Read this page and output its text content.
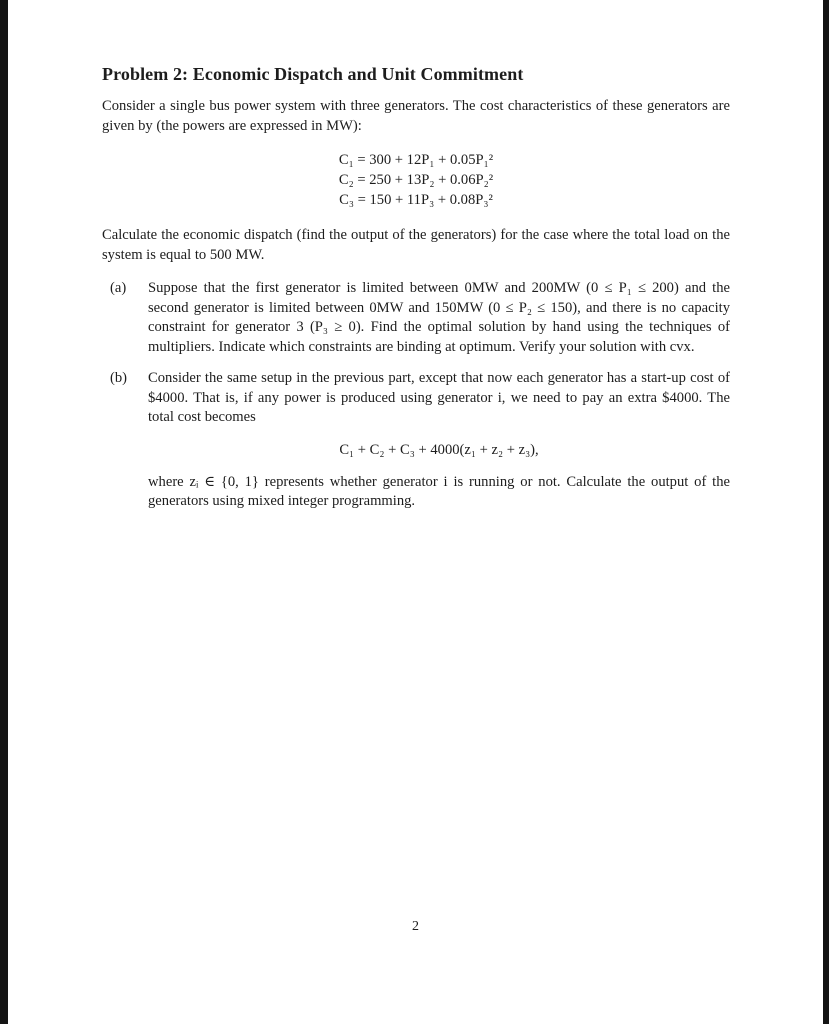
Problem 2: Economic Dispatch and Unit Commitment

Consider a single bus power system with three generators. The cost characteristics of these generators are given by (the powers are expressed in MW):

C₁ = 300 + 12P₁ + 0.05P₁²
C₂ = 250 + 13P₂ + 0.06P₂²
C₃ = 150 + 11P₃ + 0.08P₃²

Calculate the economic dispatch (find the output of the generators) for the case where the total load on the system is equal to 500 MW.

(a)	Suppose that the first generator is limited between 0MW and 200MW (0 ≤ P₁ ≤ 200) and the second generator is limited between 0MW and 150MW (0 ≤ P₂ ≤ 150), and there is no capacity constraint for generator 3 (P₃ ≥ 0). Find the optimal solution by hand using the techniques of multipliers. Indicate which constraints are binding at optimum. Verify your solution with cvx.

(b)	Consider the same setup in the previous part, except that now each generator has a start-up cost of $4000. That is, if any power is produced using generator i, we need to pay an extra $4000. The total cost becomes

C₁ + C₂ + C₃ + 4000(z₁ + z₂ + z₃),

where zᵢ ∈ {0, 1} represents whether generator i is running or not. Calculate the output of the generators using mixed integer programming.

2
